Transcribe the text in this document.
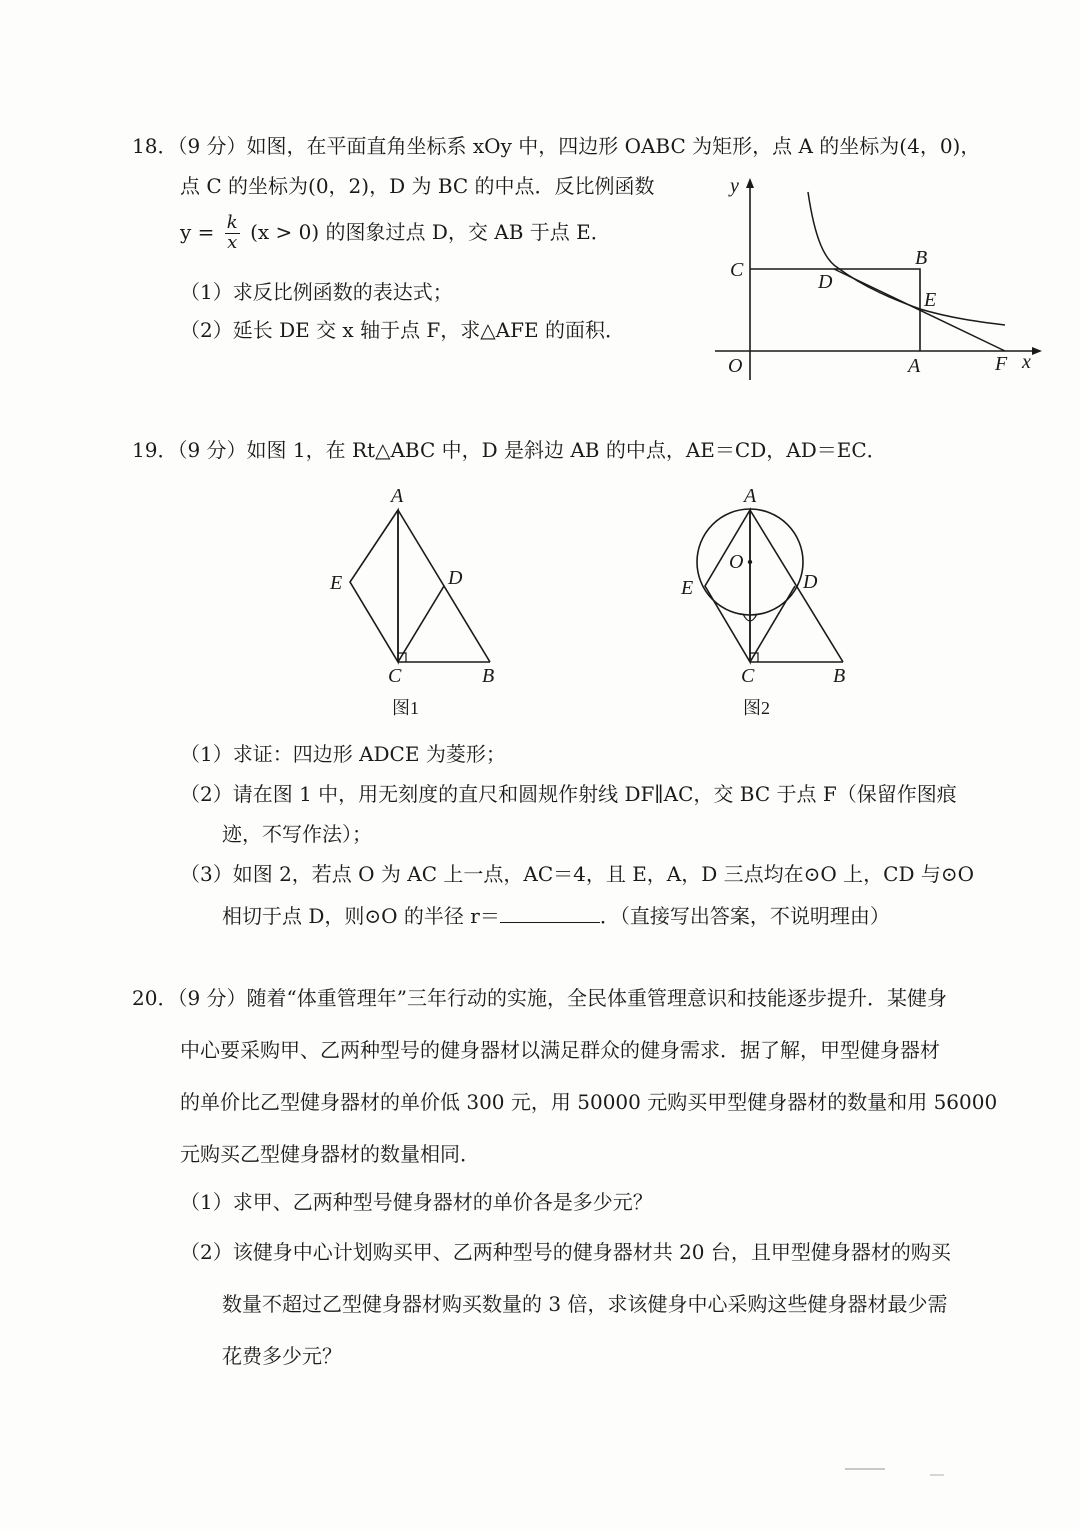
18．（9 分）如图，在平面直角坐标系 xOy 中，四边形 OABC 为矩形，点 A 的坐标为(4，0)，
点 C 的坐标为(0，2)，D 为 BC 的中点．反比例函数
$y = \frac{k}{x} (x > 0)$ 的图象过点 D，交 AB 于点 E．
（1）求反比例函数的表达式；
（2）延长 DE 交 x 轴于点 F，求△AFE 的面积．
y
x
O	A
B
C
D
E
F
19．（9 分）如图 1，在 Rt△ABC 中，D 是斜边 AB 的中点，AE＝CD，AD＝EC．
A
E	D
C	B
图1
A
O
E	D
C	B
图2
（1）求证：四边形 ADCE 为菱形；
（2）请在图 1 中，用无刻度的直尺和圆规作射线 DF∥AC，交 BC 于点 F（保留作图痕
迹，不写作法）；
（3）如图 2，若点 O 为 AC 上一点，AC＝4，且 E，A，D 三点均在⊙O 上，CD 与⊙O
相切于点 D，则⊙O 的半径 r＝	．（直接写出答案，不说明理由）
20．（9 分）随着“体重管理年”三年行动的实施，全民体重管理意识和技能逐步提升．某健身
中心要采购甲、乙两种型号的健身器材以满足群众的健身需求．据了解，甲型健身器材
的单价比乙型健身器材的单价低 300 元，用 50000 元购买甲型健身器材的数量和用 56000
元购买乙型健身器材的数量相同．
（1）求甲、乙两种型号健身器材的单价各是多少元？
（2）该健身中心计划购买甲、乙两种型号的健身器材共 20 台，且甲型健身器材的购买
数量不超过乙型健身器材购买数量的 3 倍，求该健身中心采购这些健身器材最少需
花费多少元？
